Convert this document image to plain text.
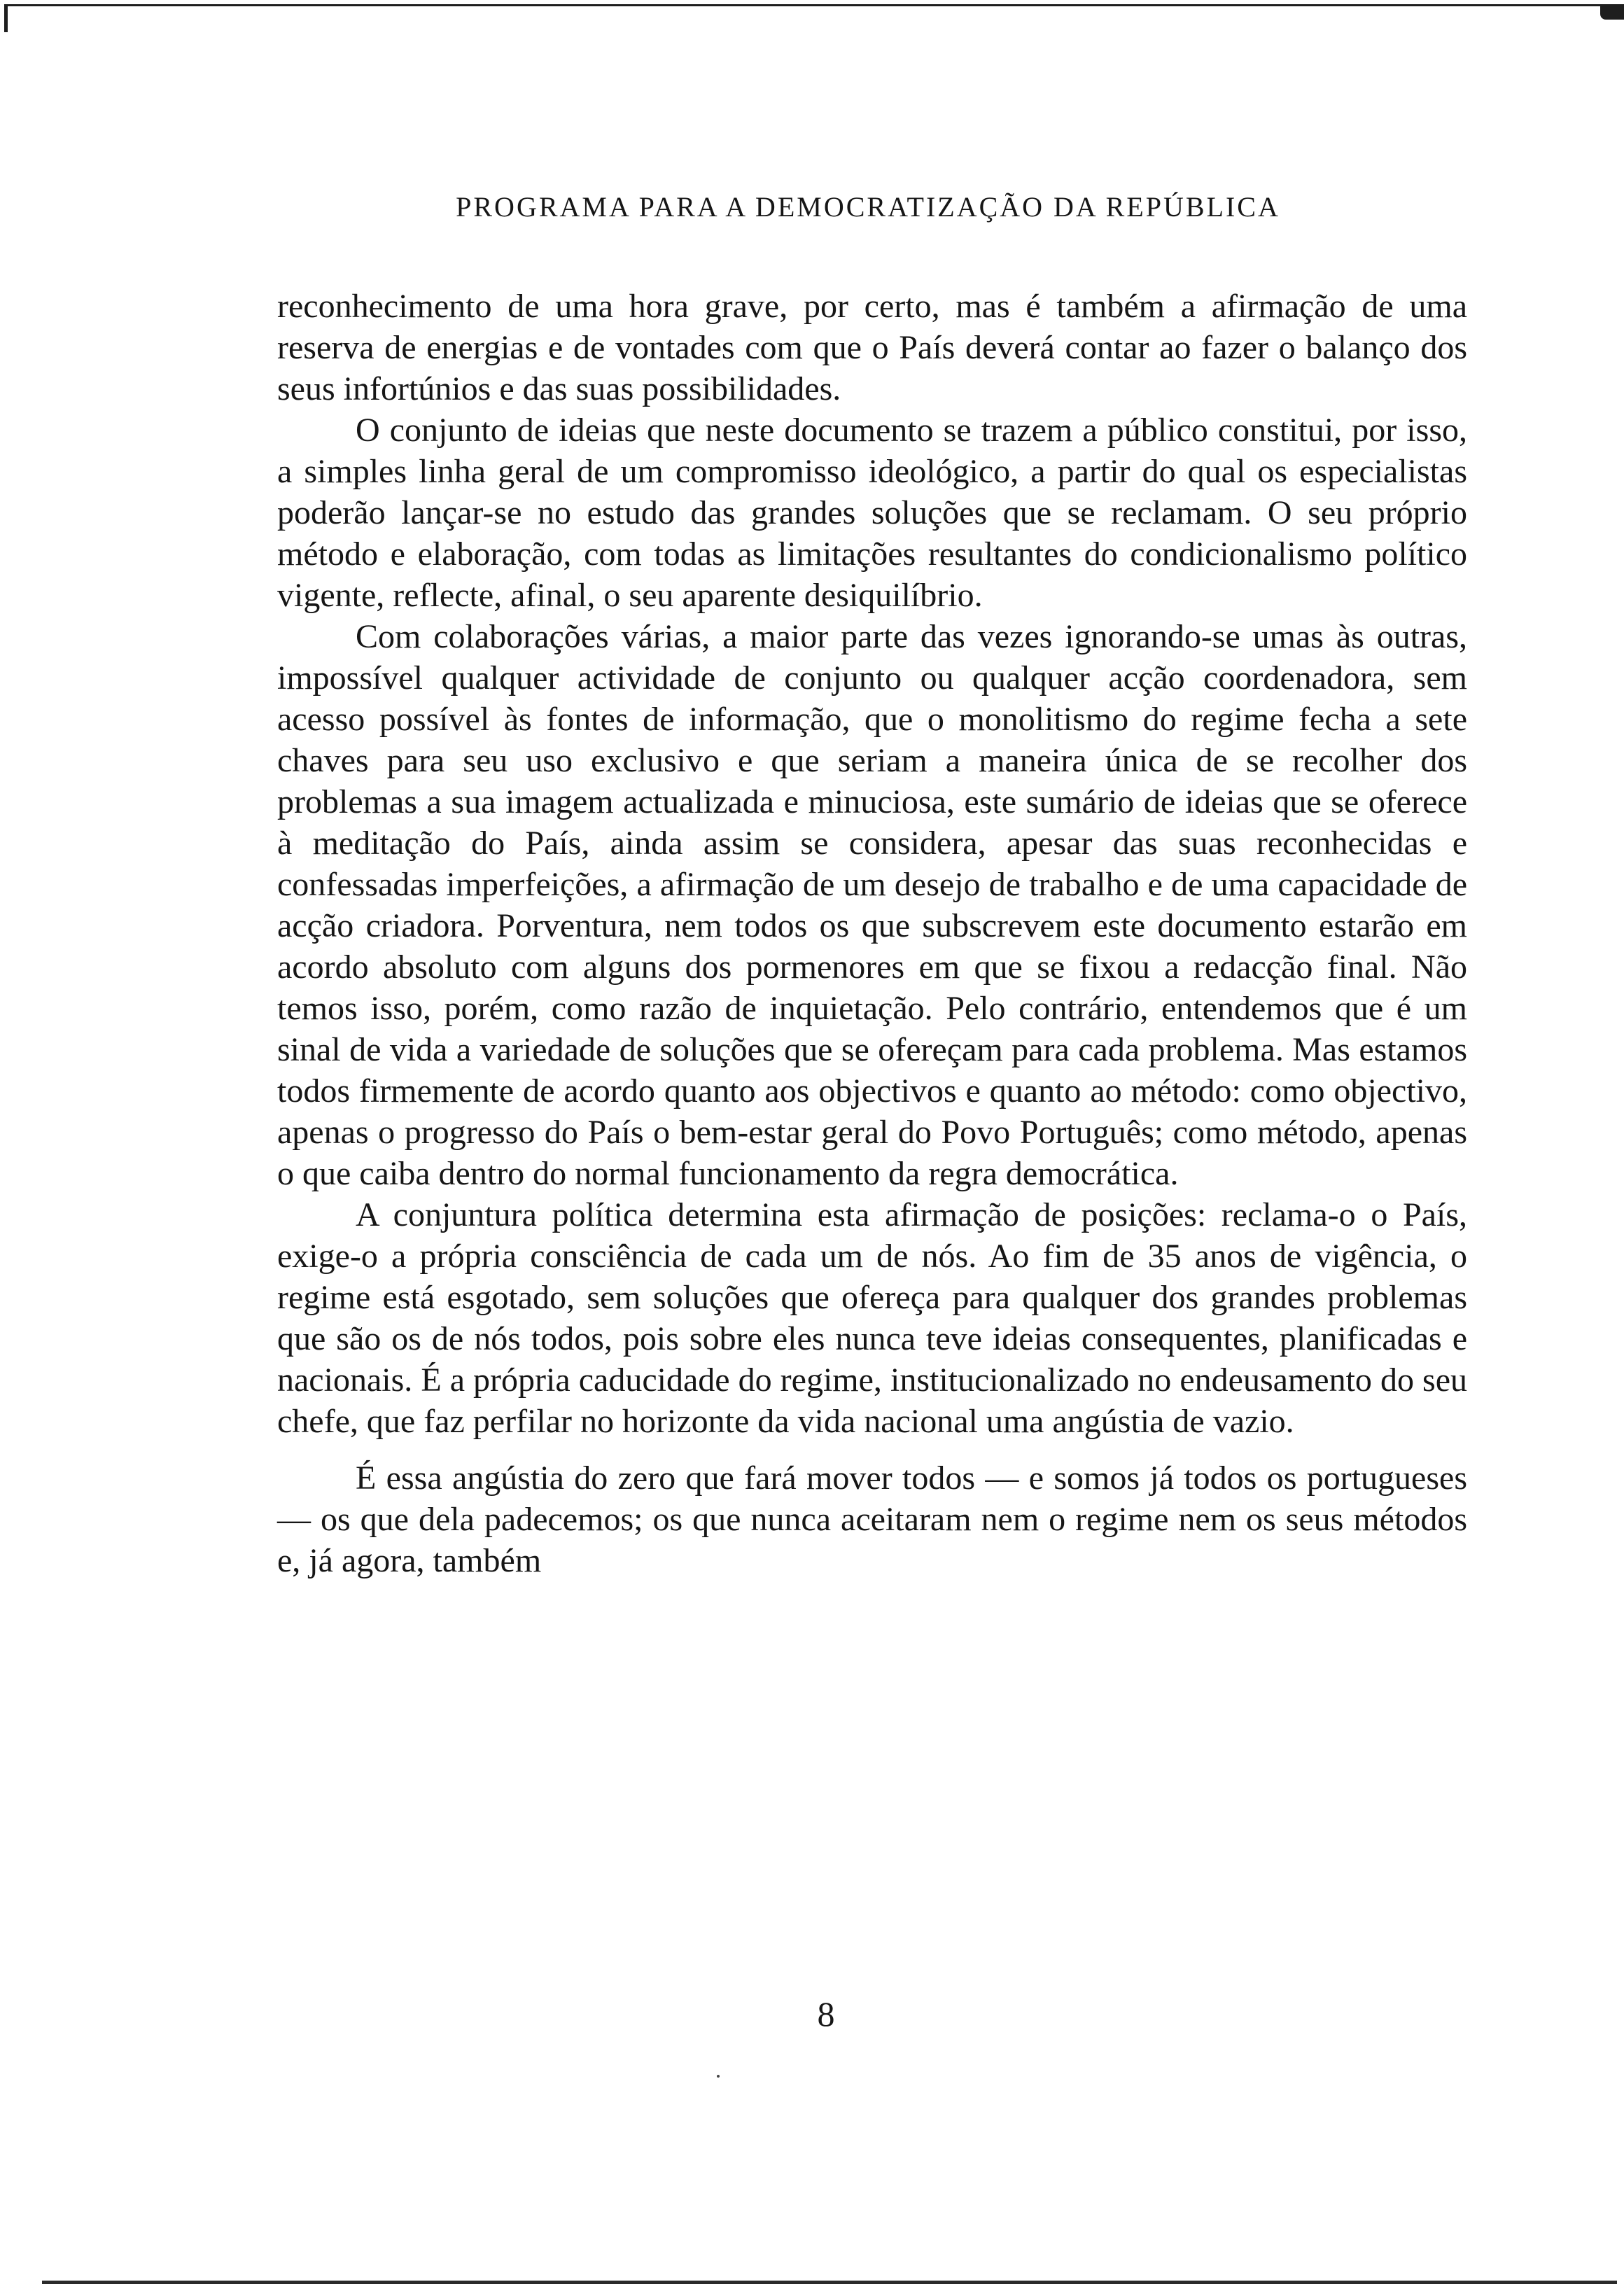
PROGRAMA PARA A DEMOCRATIZAÇÃO DA REPÚBLICA

reconhecimento de uma hora grave, por certo, mas é também a afirmação de uma reserva de energias e de vontades com que o País deverá contar ao fazer o balanço dos seus infortúnios e das suas possibilidades.

O conjunto de ideias que neste documento se trazem a público constitui, por isso, a simples linha geral de um compromisso ideológico, a partir do qual os especialistas poderão lançar-se no estudo das grandes soluções que se reclamam. O seu próprio método e elaboração, com todas as limitações resultantes do condicionalismo político vigente, reflecte, afinal, o seu aparente desiquilíbrio.

Com colaborações várias, a maior parte das vezes ignorando-se umas às outras, impossível qualquer actividade de conjunto ou qualquer acção coordenadora, sem acesso possível às fontes de informação, que o monolitismo do regime fecha a sete chaves para seu uso exclusivo e que seriam a maneira única de se recolher dos problemas a sua imagem actualizada e minuciosa, este sumário de ideias que se oferece à meditação do País, ainda assim se considera, apesar das suas reconhecidas e confessadas imperfeições, a afirmação de um desejo de trabalho e de uma capacidade de acção criadora. Porventura, nem todos os que subscrevem este documento estarão em acordo absoluto com alguns dos pormenores em que se fixou a redacção final. Não temos isso, porém, como razão de inquietação. Pelo contrário, entendemos que é um sinal de vida a variedade de soluções que se ofereçam para cada problema. Mas estamos todos firmemente de acordo quanto aos objectivos e quanto ao método: como objectivo, apenas o progresso do País o bem-estar geral do Povo Português; como método, apenas o que caiba dentro do normal funcionamento da regra democrática.

A conjuntura política determina esta afirmação de posições: reclama-o o País, exige-o a própria consciência de cada um de nós. Ao fim de 35 anos de vigência, o regime está esgotado, sem soluções que ofereça para qualquer dos grandes problemas que são os de nós todos, pois sobre eles nunca teve ideias consequentes, planificadas e nacionais. É a própria caducidade do regime, institucionalizado no endeusamento do seu chefe, que faz perfilar no horizonte da vida nacional uma angústia de vazio.

É essa angústia do zero que fará mover todos — e somos já todos os portugueses — os que dela padecemos; os que nunca aceitaram nem o regime nem os seus métodos e, já agora, também

8
